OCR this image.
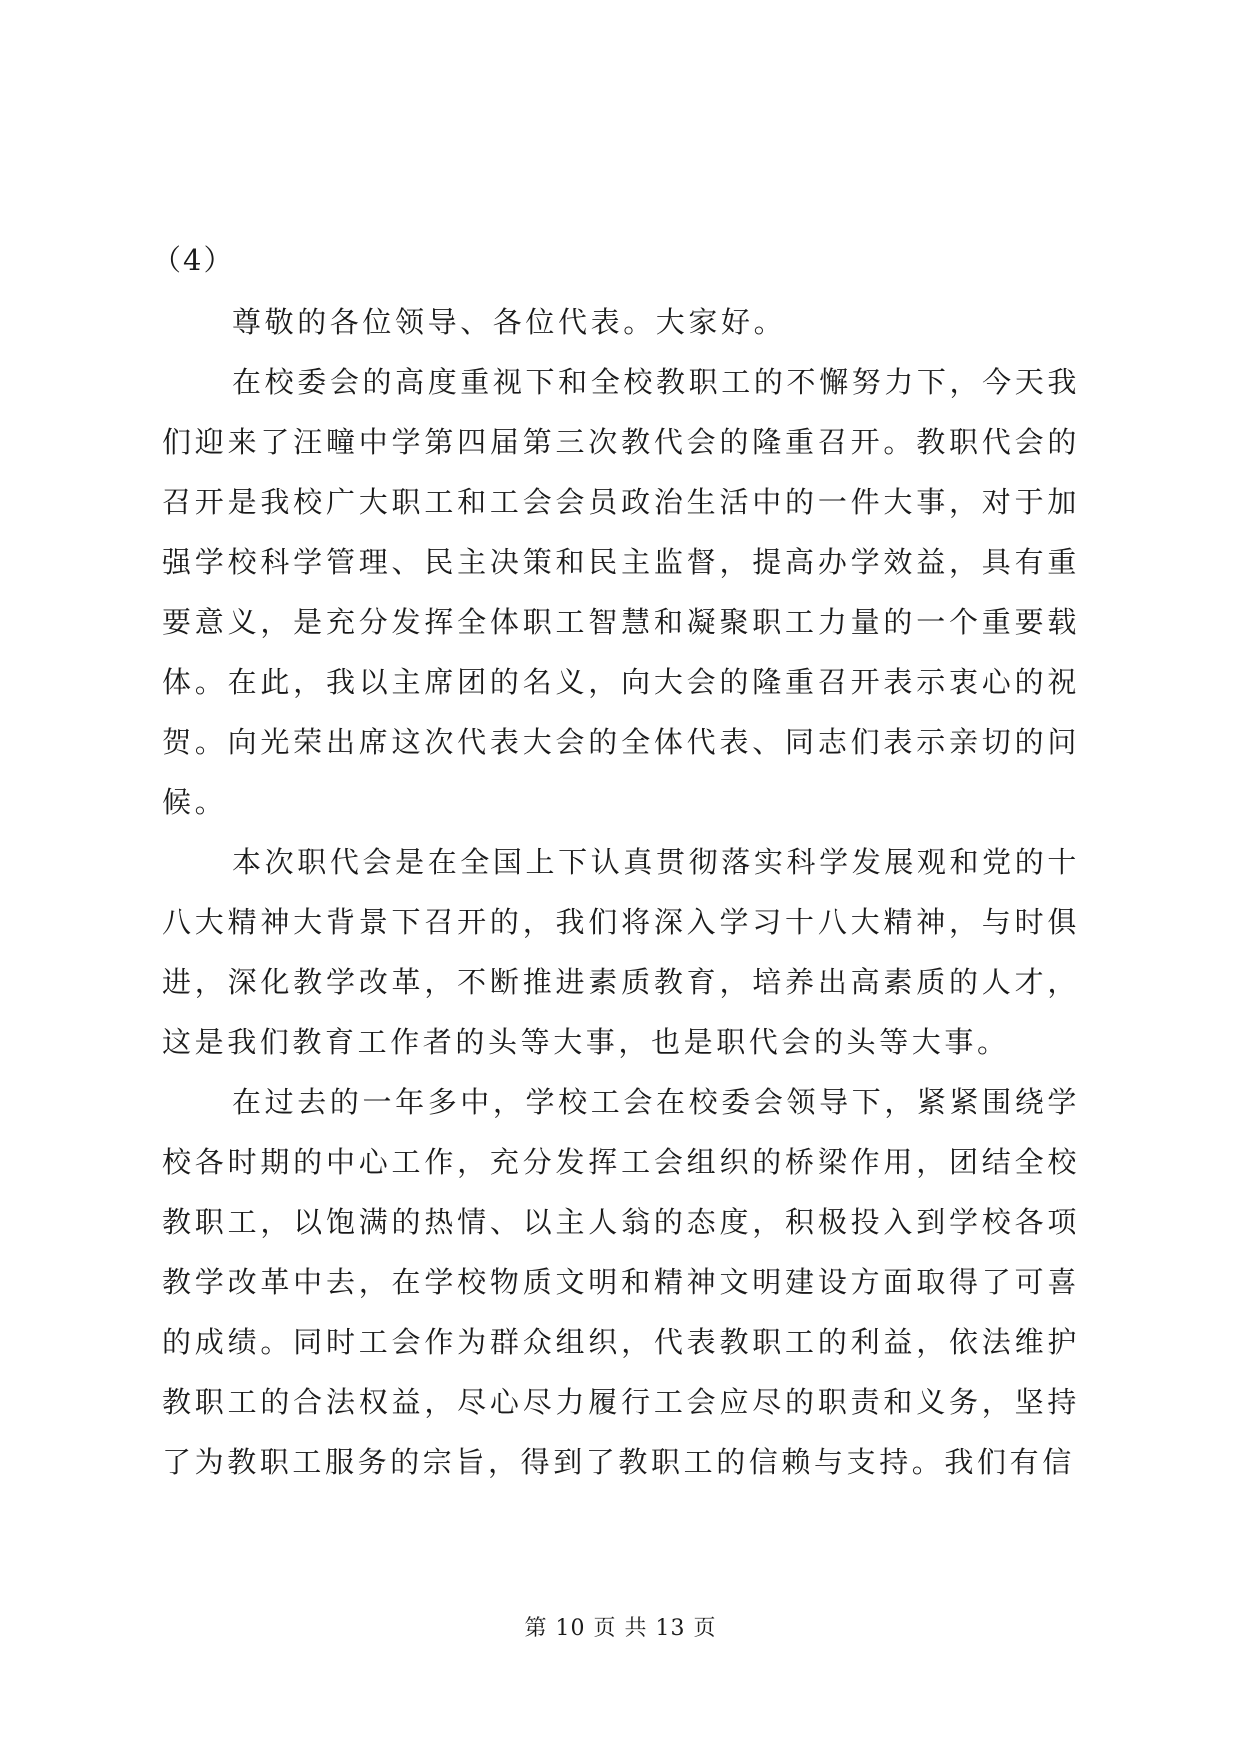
（4）

尊敬的各位领导、各位代表。大家好。

在校委会的高度重视下和全校教职工的不懈努力下，今天我们迎来了汪疃中学第四届第三次教代会的隆重召开。教职代会的召开是我校广大职工和工会会员政治生活中的一件大事，对于加强学校科学管理、民主决策和民主监督，提高办学效益，具有重要意义，是充分发挥全体职工智慧和凝聚职工力量的一个重要载体。在此，我以主席团的名义，向大会的隆重召开表示衷心的祝贺。向光荣出席这次代表大会的全体代表、同志们表示亲切的问候。

本次职代会是在全国上下认真贯彻落实科学发展观和党的十八大精神大背景下召开的，我们将深入学习十八大精神，与时俱进，深化教学改革，不断推进素质教育，培养出高素质的人才，这是我们教育工作者的头等大事，也是职代会的头等大事。

在过去的一年多中，学校工会在校委会领导下，紧紧围绕学校各时期的中心工作，充分发挥工会组织的桥梁作用，团结全校教职工，以饱满的热情、以主人翁的态度，积极投入到学校各项教学改革中去，在学校物质文明和精神文明建设方面取得了可喜的成绩。同时工会作为群众组织，代表教职工的利益，依法维护教职工的合法权益，尽心尽力履行工会应尽的职责和义务，坚持了为教职工服务的宗旨，得到了教职工的信赖与支持。我们有信

第 10 页 共 13 页
